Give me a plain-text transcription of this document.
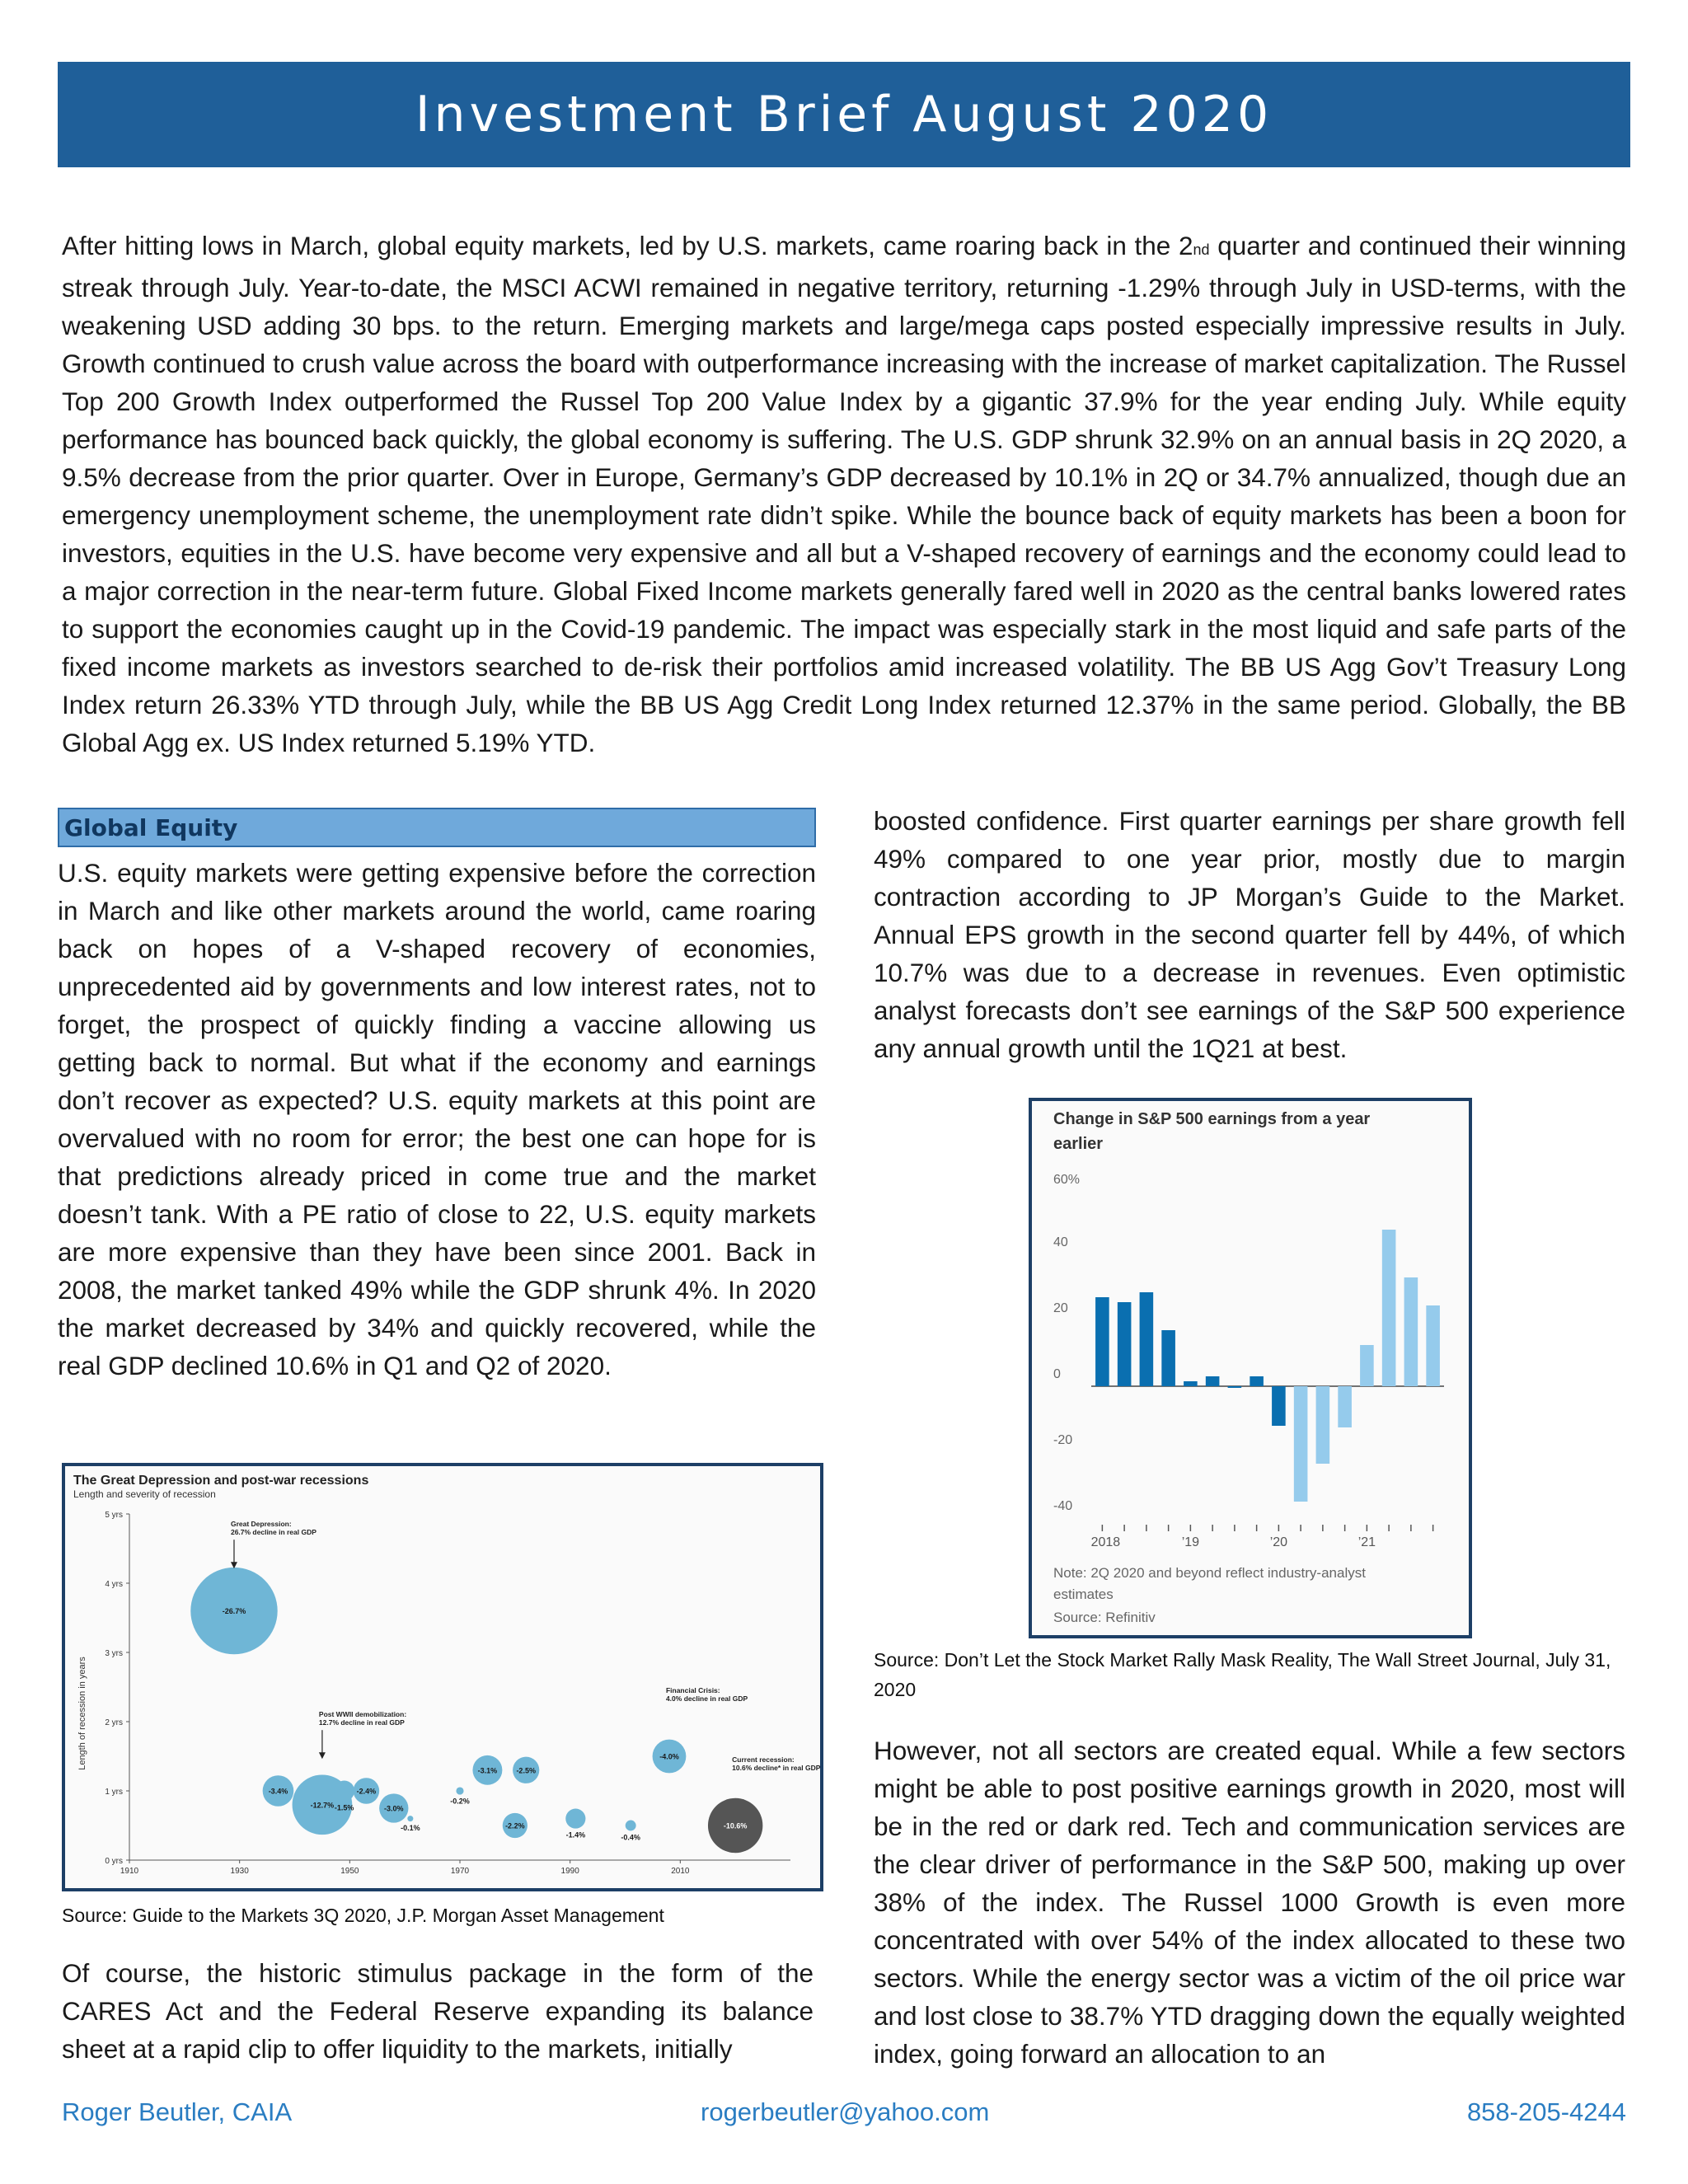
Investment Brief August 2020

After hitting lows in March, global equity markets, led by U.S. markets, came roaring back in the 2nd quarter and continued their winning streak through July. Year-to-date, the MSCI ACWI remained in negative territory, returning -1.29% through July in USD-terms, with the weakening USD adding 30 bps. to the return. Emerging markets and large/mega caps posted especially impressive results in July. Growth continued to crush value across the board with outperformance increasing with the increase of market capitalization. The Russel Top 200 Growth Index outperformed the Russel Top 200 Value Index by a gigantic 37.9% for the year ending July. While equity performance has bounced back quickly, the global economy is suffering. The U.S. GDP shrunk 32.9% on an annual basis in 2Q 2020, a 9.5% decrease from the prior quarter. Over in Europe, Germany’s GDP decreased by 10.1% in 2Q or 34.7% annualized, though due an emergency unemployment scheme, the unemployment rate didn’t spike. While the bounce back of equity markets has been a boon for investors, equities in the U.S. have become very expensive and all but a V-shaped recovery of earnings and the economy could lead to a major correction in the near-term future. Global Fixed Income markets generally fared well in 2020 as the central banks lowered rates to support the economies caught up in the Covid-19 pandemic. The impact was especially stark in the most liquid and safe parts of the fixed income markets as investors searched to de-risk their portfolios amid increased volatility. The BB US Agg Gov’t Treasury Long Index return 26.33% YTD through July, while the BB US Agg Credit Long Index returned 12.37% in the same period. Globally, the BB Global Agg ex. US Index returned 5.19% YTD.

Global Equity

U.S. equity markets were getting expensive before the correction in March and like other markets around the world, came roaring back on hopes of a V-shaped recovery of economies, unprecedented aid by governments and low interest rates, not to forget, the prospect of quickly finding a vaccine allowing us getting back to normal. But what if the economy and earnings don’t recover as expected? U.S. equity markets at this point are overvalued with no room for error; the best one can hope for is that predictions already priced in come true and the market doesn’t tank. With a PE ratio of close to 22, U.S. equity markets are more expensive than they have been since 2001. Back in 2008, the market tanked 49% while the GDP shrunk 4%. In 2020 the market decreased by 34% and quickly recovered, while the real GDP declined 10.6% in Q1 and Q2 of 2020.

The Great Depression and post-war recessions
Length and severity of recession
Length of recession in years
0 yrs
1 yrs
2 yrs
3 yrs
4 yrs
5 yrs
1910	1930	1950	1970	1990	2010
-26.7%
-3.4%
-12.7% -1.5%
-2.4%
-3.0%
-0.1%
-0.2%
-3.1%
-2.2%
-2.5%
-1.4%	-0.4%
-4.0%
-10.6%
Great Depression:
26.7% decline in real GDP
Post WWII demobilization:
12.7% decline in real GDP
Financial Crisis:
4.0% decline in real GDP
Current recession:
10.6% decline* in real GDP
Source: Guide to the Markets 3Q 2020, J.P. Morgan Asset Management

Of course, the historic stimulus package in the form of the CARES Act and the Federal Reserve expanding its balance sheet at a rapid clip to offer liquidity to the markets, initially

boosted confidence. First quarter earnings per share growth fell 49% compared to one year prior, mostly due to margin contraction according to JP Morgan’s Guide to the Market. Annual EPS growth in the second quarter fell by 44%, of which 10.7% was due to a decrease in revenues. Even optimistic analyst forecasts don’t see earnings of the S&P 500 experience any annual growth until the 1Q21 at best.

Change in S&P 500 earnings from a year
earlier
60%
40
20
0
-20
-40
2018	’19	’20	’21
Note: 2Q 2020 and beyond reflect industry-analyst
estimates
Source: Refinitiv
Source: Don’t Let the Stock Market Rally Mask Reality, The Wall Street Journal, July 31, 2020

However, not all sectors are created equal. While a few sectors might be able to post positive earnings growth in 2020, most will be in the red or dark red. Tech and communication services are the clear driver of performance in the S&P 500, making up over 38% of the index. The Russel 1000 Growth is even more concentrated with over 54% of the index allocated to these two sectors. While the energy sector was a victim of the oil price war and lost close to 38.7% YTD dragging down the equally weighted index, going forward an allocation to an

Roger Beutler, CAIA	rogerbeutler@yahoo.com	858-205-4244
